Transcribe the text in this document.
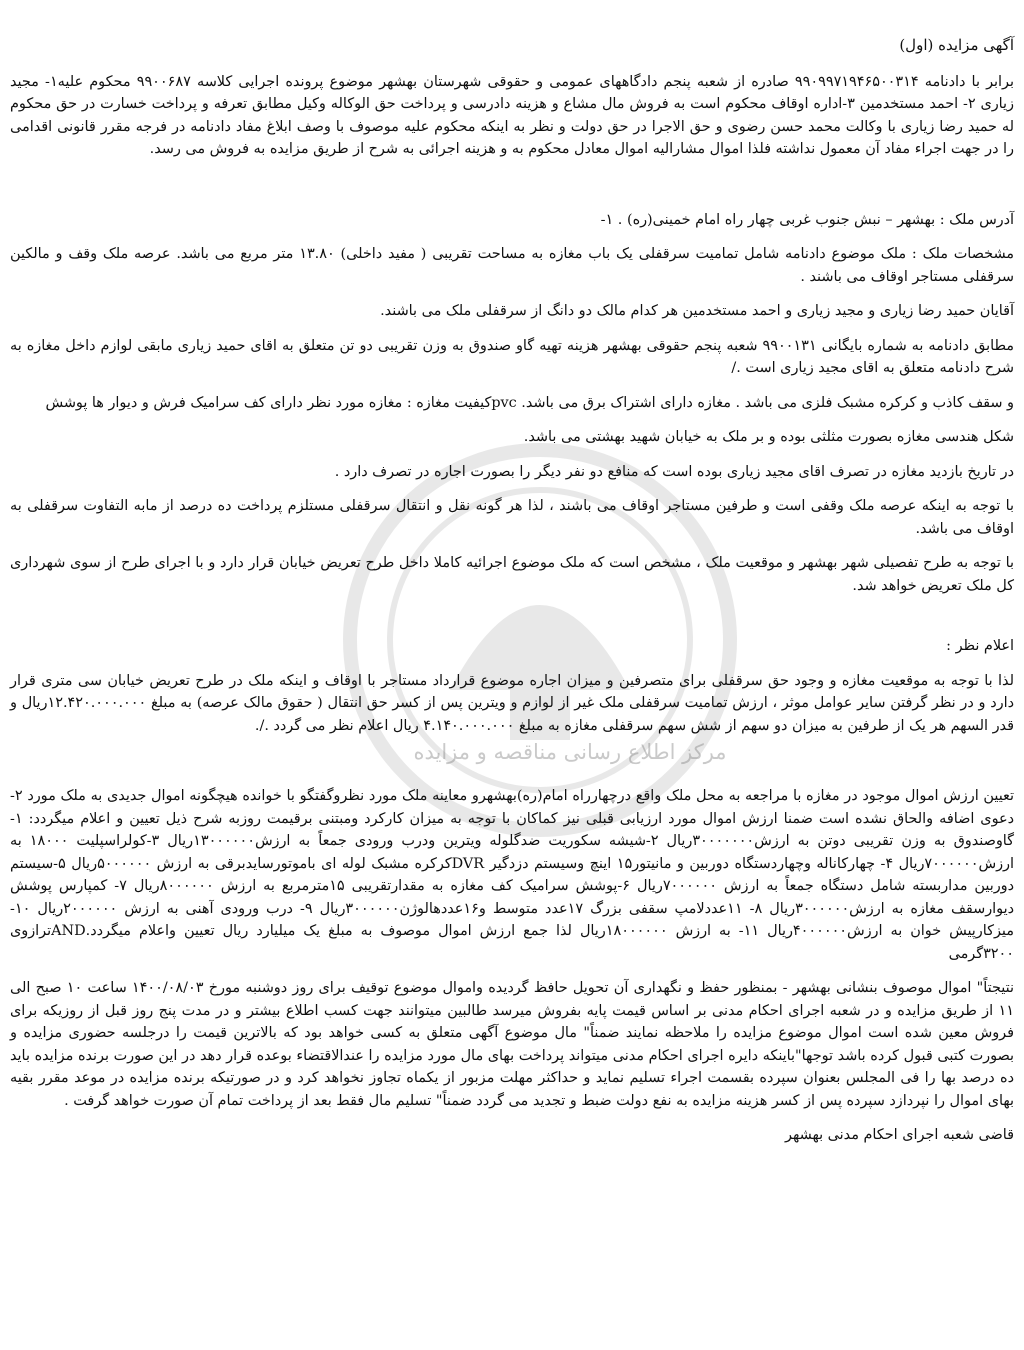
مرکز اطلاع رسانی مناقصه و مزایده

آگهی مزایده (اول)

برابر با دادنامه ۹۹۰۹۹۷۱۹۴۶۵۰۰۳۱۴ صادره از شعبه پنجم دادگاههای عمومی و حقوقی شهرستان بهشهر موضوع پرونده اجرایی کلاسه ۹۹۰۰۶۸۷ محکوم علیه۱- مجید زیاری ۲- احمد مستخدمین ۳-اداره اوقاف محکوم است به فروش مال مشاع و هزینه دادرسی و پرداخت حق الوکاله وکیل مطابق تعرفه و پرداخت خسارت در حق محکوم له حمید رضا زیاری با وکالت محمد حسن رضوی و حق الاجرا در حق دولت و نظر به اینکه محکوم علیه موصوف با وصف ابلاغ مفاد دادنامه در فرجه مقرر قانونی اقدامی را در جهت اجراء مفاد آن معمول نداشته فلذا اموال مشارالیه اموال معادل محکوم به و هزینه اجرائی به شرح از طریق مزایده به فروش می رسد.

آدرس ملک : بهشهر – نبش جنوب غربی چهار راه امام خمینی(ره) . ۱-

مشخصات ملک : ملک موضوع دادنامه شامل تمامیت سرقفلی یک باب مغازه به مساحت تقریبی ( مفید داخلی) ۱۳.۸۰ متر مربع می باشد. عرصه ملک وقف و مالکین سرقفلی مستاجر اوقاف می باشند .

آقایان حمید رضا زیاری و مجید زیاری و احمد مستخدمین هر کدام مالک دو دانگ از سرقفلی ملک می باشند.

مطابق دادنامه به شماره بایگانی ۹۹۰۰۱۳۱ شعبه پنجم حقوقی بهشهر هزینه تهیه گاو صندوق به وزن تقریبی دو تن متعلق به اقای حمید زیاری مابقی لوازم داخل مغازه به شرح دادنامه متعلق به اقای مجید زیاری است ./

و سقف کاذب و کرکره مشبک فلزی می باشد . مغازه دارای اشتراک برق می باشد. pvcکیفیت مغازه : مغازه مورد نظر دارای کف سرامیک فرش و دیوار ها پوشش

شکل هندسی مغازه بصورت مثلثی بوده و بر ملک به خیابان شهید بهشتی می باشد.

در تاریخ بازدید مغازه در تصرف اقای مجید زیاری بوده است که منافع دو نفر دیگر را بصورت اجاره در تصرف دارد .

با توجه به اینکه عرصه ملک وقفی است و طرفین مستاجر اوقاف می باشند ، لذا هر گونه نقل و انتقال سرقفلی مستلزم پرداخت ده درصد از مابه التفاوت سرقفلی به اوقاف می باشد.

با توجه به طرح تفصیلی شهر بهشهر و موقعیت ملک ، مشخص است که ملک موضوع اجرائیه کاملا داخل طرح تعریض خیابان قرار دارد و با اجرای طرح از سوی شهرداری کل ملک تعریض خواهد شد.

اعلام نظر :

لذا با توجه به موقعیت مغازه و وجود حق سرقفلی برای متصرفین و میزان اجاره موضوع قرارداد مستاجر با اوقاف و اینکه ملک در طرح تعریض خیابان سی متری قرار دارد و در نظر گرفتن سایر عوامل موثر ، ارزش تمامیت سرقفلی ملک غیر از لوازم و ویترین پس از کسر حق انتقال ( حقوق مالک عرصه) به مبلغ ۱۲.۴۲۰.۰۰۰.۰۰۰ریال و قدر السهم هر یک از طرفین به میزان دو سهم از شش سهم سرقفلی مغازه به مبلغ ۴.۱۴۰.۰۰۰.۰۰۰ ریال اعلام نظر می گردد ./.

تعیین ارزش اموال موجود در مغازه با مراجعه به محل ملک واقع درچهارراه امام(ره)بهشهرو معاینه ملک مورد نظروگفتگو با خوانده هیچگونه اموال جدیدی به ملک مورد ۲- دعوی اضافه والحاق نشده است ضمنا ارزش اموال مورد ارزیابی قبلی نیز کماکان با توجه به میزان کارکرد ومبتنی برقیمت روزبه شرح ذیل تعیین و اعلام میگردد: ۱- گاوصندوق به وزن تقریبی دوتن به ارزش۳۰۰۰۰۰۰۰ریال ۲-شیشه سکوریت ضدگلوله ویترین ودرب ورودی جمعاً به ارزش۱۳۰۰۰۰۰۰ریال ۳-کولراسپلیت ۱۸۰۰۰ به ارزش۷۰۰۰۰۰۰ریال ۴- چهارکاناله وچهاردستگاه دوربین و مانیتور۱۵ اینچ وسیستم دزدگیر DVRکرکره مشبک لوله ای باموتورسایدبرقی به ارزش ۵۰۰۰۰۰۰ریال ۵-سیستم دوربین مداربسته شامل دستگاه جمعاً به ارزش ۷۰۰۰۰۰۰ریال ۶-پوشش سرامیک کف مغازه به مقدارتقریبی ۱۵مترمربع به ارزش ۸۰۰۰۰۰۰ریال ۷- کمپارس پوشش دیوارسقف مغازه به ارزش۳۰۰۰۰۰۰ریال ۸- ۱۱عددلامپ سقفی بزرگ ۱۷عدد متوسط و۱۶عددهالوژن۳۰۰۰۰۰۰ریال ۹- درب ورودی آهنی به ارزش ۲۰۰۰۰۰۰ریال ۱۰-میزکارپیش خوان به ارزش۴۰۰۰۰۰۰ریال ۱۱- به ارزش ۱۸۰۰۰۰۰۰ریال لذا جمع ارزش اموال موصوف به مبلغ یک میلیارد ریال تعیین واعلام میگردد.ANDترازوی ۳۲۰۰گرمی

نتیجتاً" اموال موصوف بنشانی بهشهر - بمنظور حفظ و نگهداری آن تحویل حافظ گردیده واموال موضوع توقیف برای روز دوشنبه مورخ ۱۴۰۰/۰۸/۰۳ ساعت ۱۰ صبح الی ۱۱ از طریق مزایده و در شعبه اجرای احکام مدنی بر اساس قیمت پایه بفروش میرسد طالبین میتوانند جهت کسب اطلاع بیشتر و در مدت پنج روز قبل از روزیکه برای فروش معین شده است اموال موضوع مزایده را ملاحظه نمایند ضمناً" مال موضوع آگهی متعلق به کسی خواهد بود که بالاترین قیمت را درجلسه حضوری مزایده و بصورت کتبی قبول کرده باشد توجها"باینکه دایره اجرای احکام مدنی میتواند پرداخت بهای مال مورد مزایده را عندالاقتضاء بوعده قرار دهد در این صورت برنده مزایده باید ده درصد بها را فی المجلس بعنوان سپرده بقسمت اجراء تسلیم نماید و حداکثر مهلت مزبور از یکماه تجاوز نخواهد کرد و در صورتیکه برنده مزایده در موعد مقرر بقیه بهای اموال را نپردازد سپرده پس از کسر هزینه مزایده به نفع دولت ضبط و تجدید می گردد ضمناً" تسلیم مال فقط بعد از پرداخت تمام آن صورت خواهد گرفت .

قاضی شعبه اجرای احکام مدنی بهشهر
